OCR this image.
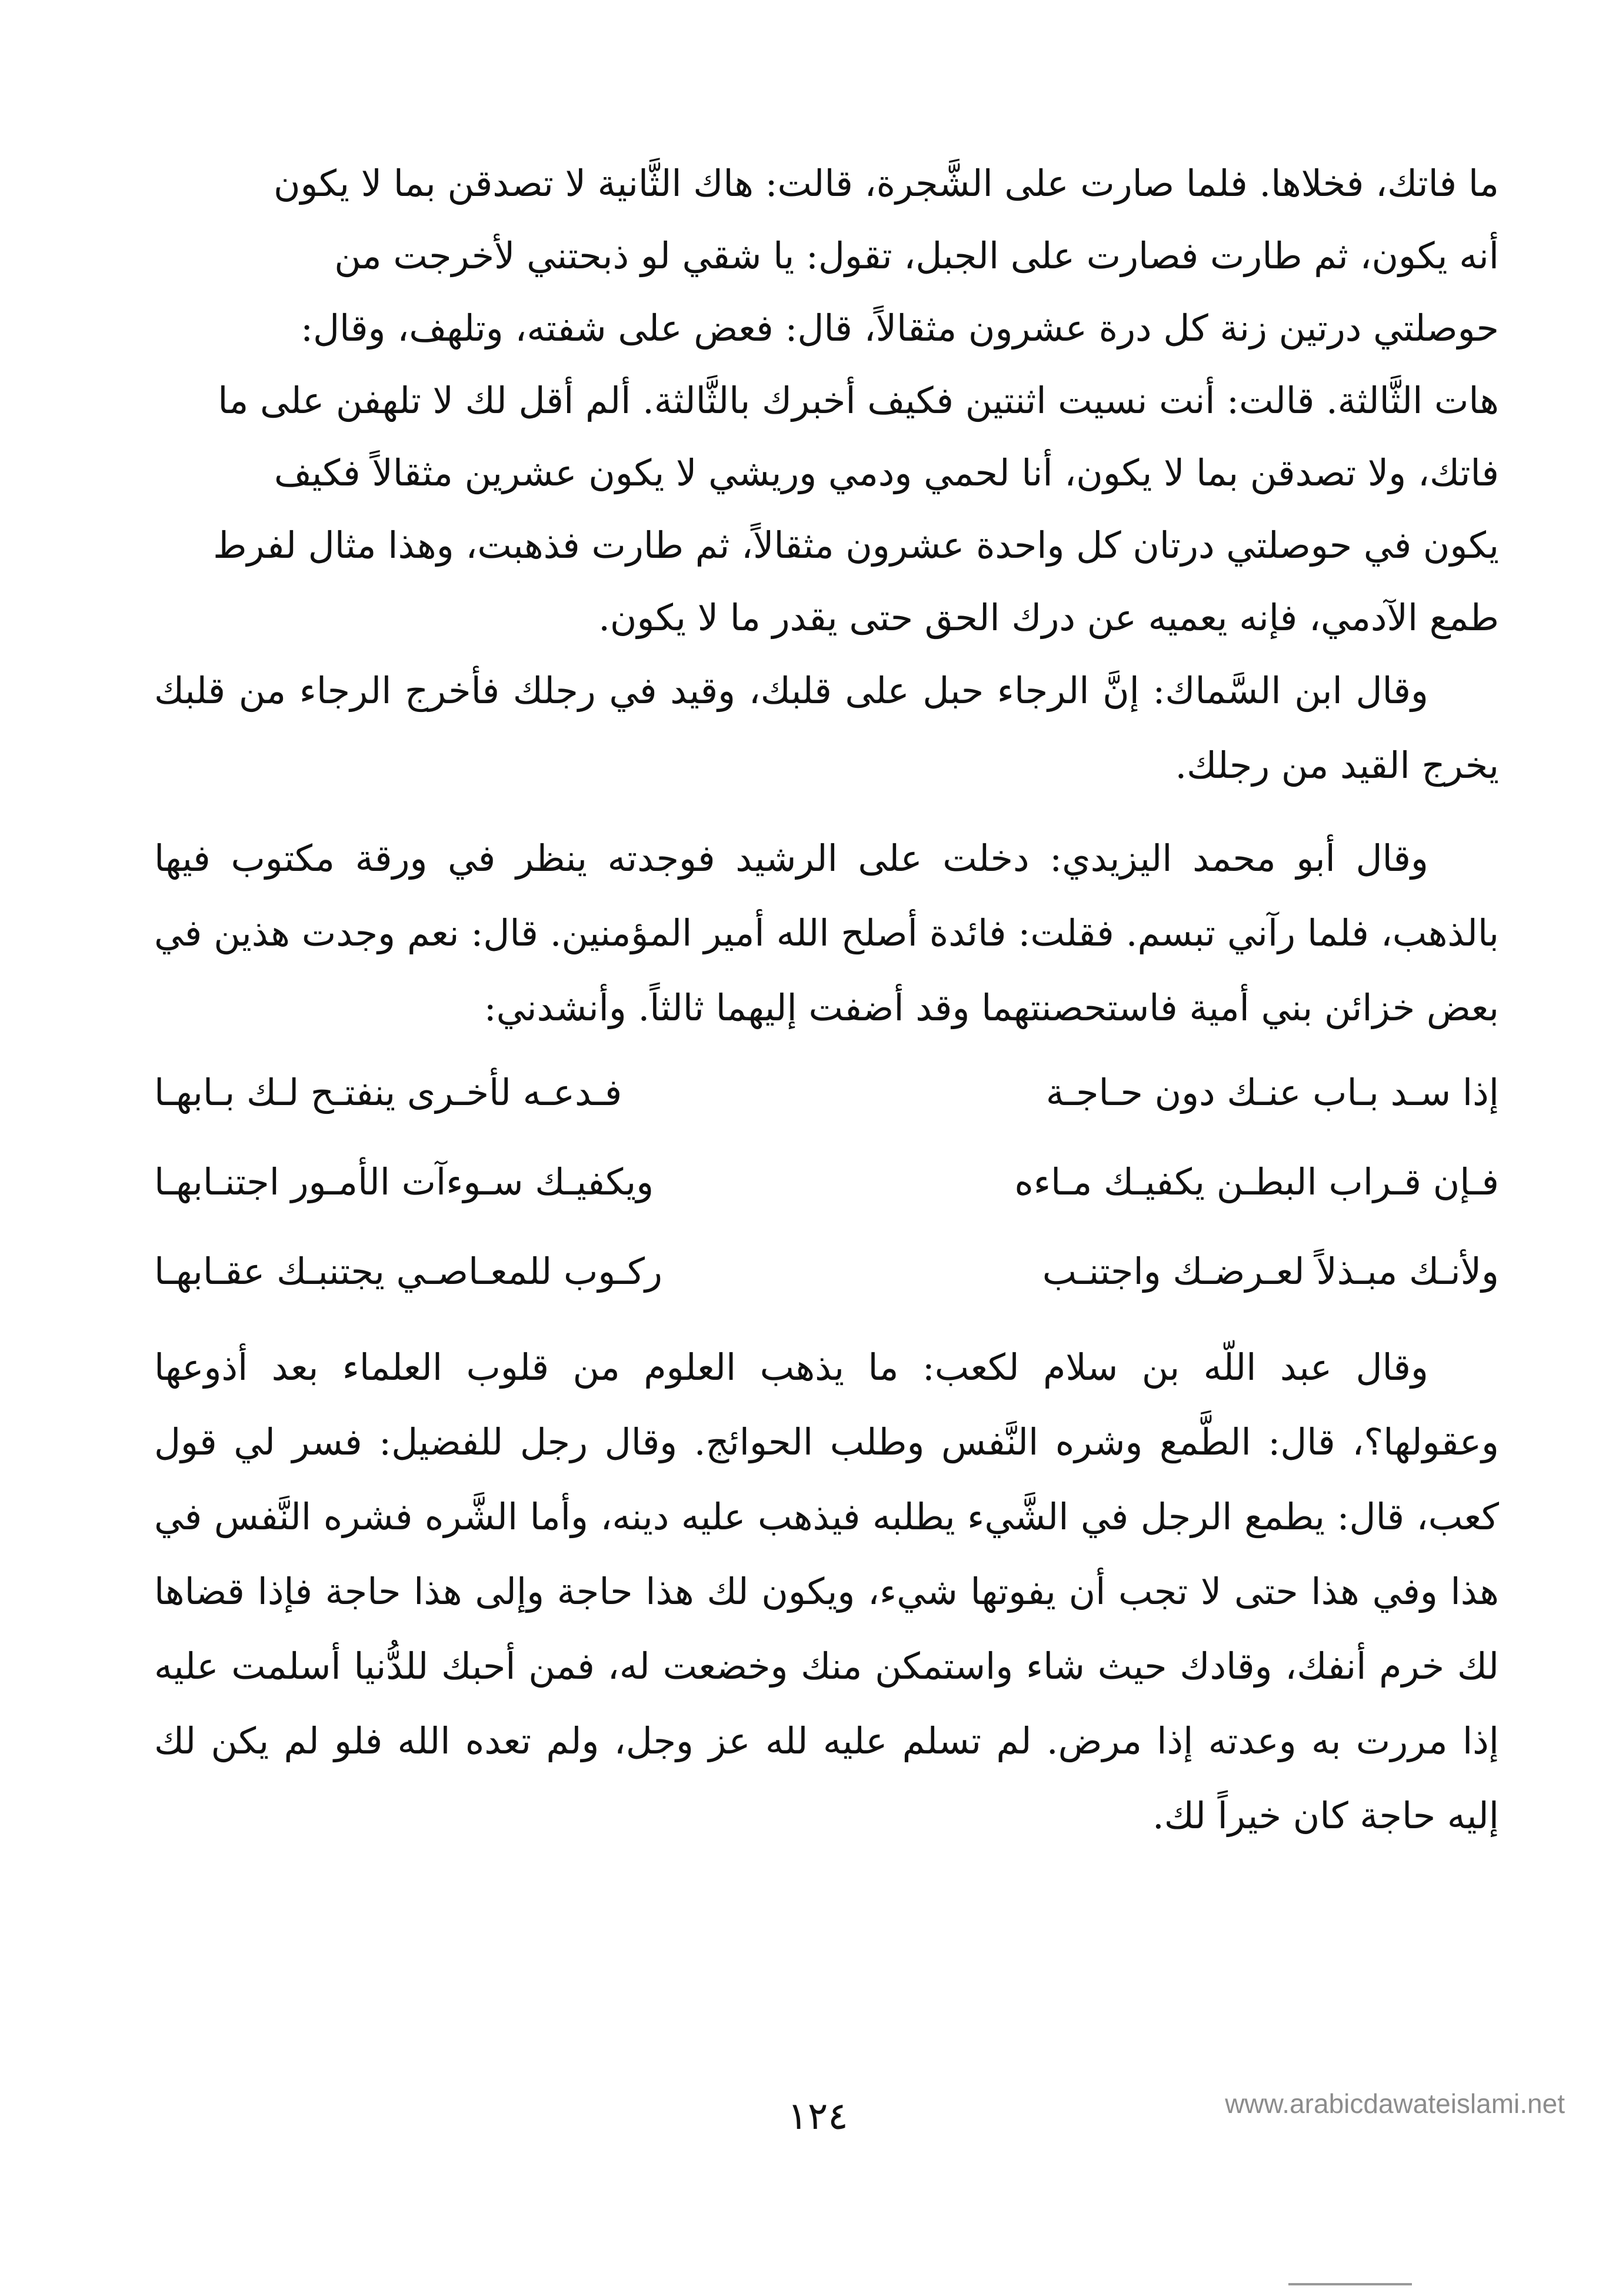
ما فاتك، فخلاها. فلما صارت على الشَّجرة، قالت: هاك الثَّانية لا تصدقن بما لا يكون

أنه يكون، ثم طارت فصارت على الجبل، تقول: يا شقي لو ذبحتني لأخرجت من

حوصلتي درتين زنة كل درة عشرون مثقالاً، قال: فعض على شفته، وتلهف، وقال:

هات الثَّالثة. قالت: أنت نسيت اثنتين فكيف أخبرك بالثَّالثة. ألم أقل لك لا تلهفن على ما

فاتك، ولا تصدقن بما لا يكون، أنا لحمي ودمي وريشي لا يكون عشرين مثقالاً فكيف

يكون في حوصلتي درتان كل واحدة عشرون مثقالاً، ثم طارت فذهبت، وهذا مثال لفرط

طمع الآدمي، فإنه يعميه عن درك الحق حتى يقدر ما لا يكون.

وقال ابن السَّماك: إنَّ الرجاء حبل على قلبك، وقيد في رجلك فأخرج الرجاء من قلبك يخرج القيد من رجلك.

وقال أبو محمد اليزيدي: دخلت على الرشيد فوجدته ينظر في ورقة مكتوب فيها بالذهب، فلما رآني تبسم. فقلت: فائدة أصلح الله أمير المؤمنين. قال: نعم وجدت هذين في بعض خزائن بني أمية فاستحصنتهما وقد أضفت إليهما ثالثاً. وأنشدني:

إذا سـد بـاب عنـك دون حـاجـة
فـدعـه لأخـرى ينفتـح لـك بـابهـا
فـإن قـراب البطـن يكفيـك مـاءه
ويكفيـك سـوءآت الأمـور اجتنـابهـا
ولأنـك مبـذلاً لعـرضـك واجتنـب
ركـوب للمعـاصـي يجتنبـك عقـابهـا

وقال عبد اللّه بن سلام لكعب: ما يذهب العلوم من قلوب العلماء بعد أذوعها وعقولها؟، قال: الطَّمع وشره النَّفس وطلب الحوائج. وقال رجل للفضيل: فسر لي قول كعب، قال: يطمع الرجل في الشَّيء يطلبه فيذهب عليه دينه، وأما الشَّره فشره النَّفس في هذا وفي هذا حتى لا تجب أن يفوتها شيء، ويكون لك هذا حاجة وإلى هذا حاجة فإذا قضاها لك خرم أنفك، وقادك حيث شاء واستمكن منك وخضعت له، فمن أحبك للدُّنيا أسلمت عليه إذا مررت به وعدته إذا مرض. لم تسلم عليه لله عز وجل، ولم تعده الله فلو لم يكن لك إليه حاجة كان خيراً لك.

١٢٤	www.arabicdawateislami.net
